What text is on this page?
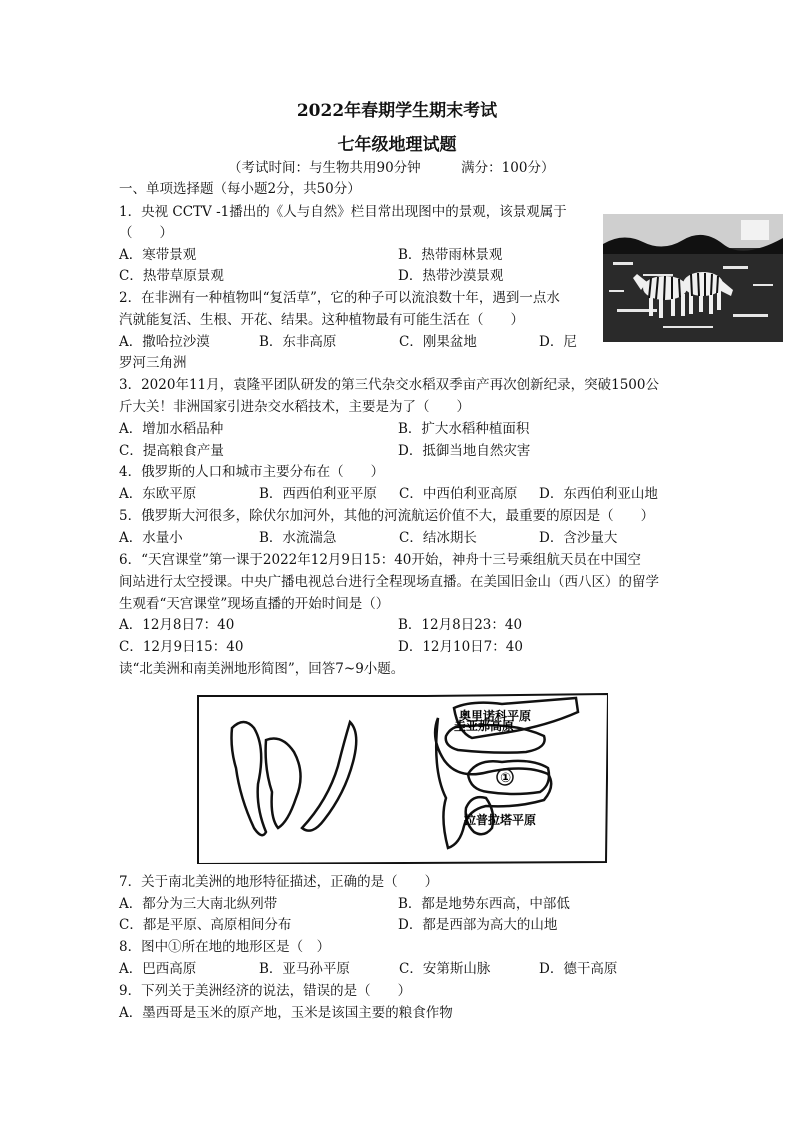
2022年春期学生期末考试
七年级地理试题
（考试时间：与生物共用90分钟　　　满分：100分）
一、单项选择题（每小题2分，共50分）
1．央视 CCTV -1播出的《人与自然》栏目常出现图中的景观，该景观属于
（　　）
A．寒带景观	B．热带雨林景观
C．热带草原景观	D．热带沙漠景观
2．在非洲有一种植物叫“复活草”，它的种子可以流浪数十年，遇到一点水
汽就能复活、生根、开花、结果。这种植物最有可能生活在（　　）
A．撒哈拉沙漠	B．东非高原	C．刚果盆地	D．尼
罗河三角洲
3．2020年11月，袁隆平团队研发的第三代杂交水稻双季亩产再次创新纪录，突破1500公
斤大关！非洲国家引进杂交水稻技术，主要是为了（　　）
A．增加水稻品种	B．扩大水稻种植面积
C．提高粮食产量	D．抵御当地自然灾害
4．俄罗斯的人口和城市主要分布在（　　）
A．东欧平原	B．西西伯利亚平原 C．中西伯利亚高原 D．东西伯利亚山地
5．俄罗斯大河很多，除伏尔加河外，其他的河流航运价值不大，最重要的原因是（　　）
A．水量小	B．水流湍急	C．结冰期长	D．含沙量大
6．“天宫课堂”第一课于2022年12月9日15：40开始，神舟十三号乘组航天员在中国空
间站进行太空授课。中央广播电视总台进行全程现场直播。在美国旧金山（西八区）的留学
生观看“天宫课堂”现场直播的开始时间是（）
A．12月8日7：40	B．12月8日23：40
C．12月9日15：40	D．12月10日7：40
读“北美洲和南美洲地形简图”，回答7~9小题。
奥里诺科平原
圭亚那高原
①
拉普拉塔平原
7．关于南北美洲的地形特征描述，正确的是（　　）
A．都分为三大南北纵列带	B．都是地势东西高，中部低
C．都是平原、高原相间分布	D．都是西部为高大的山地
8．图中①所在地的地形区是（　）
A．巴西高原	B．亚马孙平原	C．安第斯山脉	D．德干高原
9．下列关于美洲经济的说法，错误的是（　　）
A．墨西哥是玉米的原产地，玉米是该国主要的粮食作物
